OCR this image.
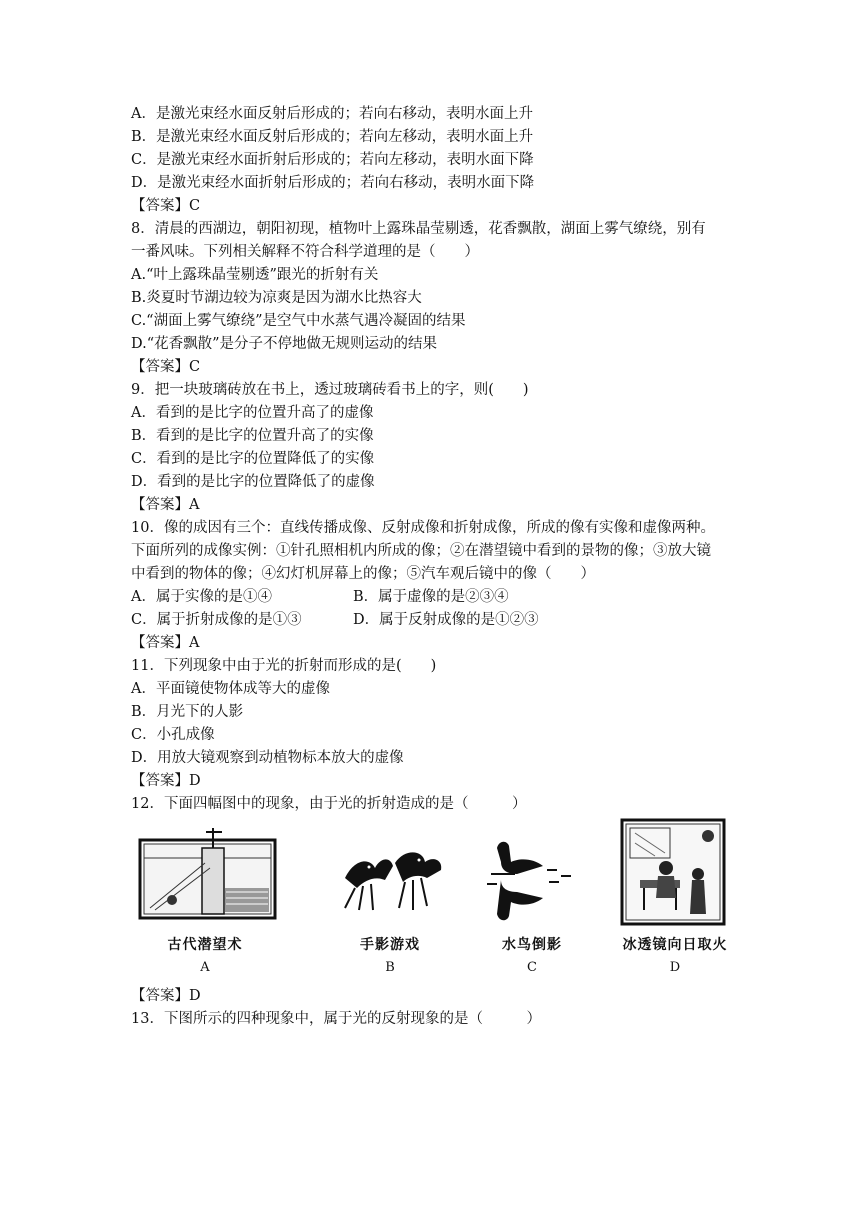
A．是激光束经水面反射后形成的；若向右移动，表明水面上升
B．是激光束经水面反射后形成的；若向左移动，表明水面上升
C．是激光束经水面折射后形成的；若向左移动，表明水面下降
D．是激光束经水面折射后形成的；若向右移动，表明水面下降
【答案】C
8．清晨的西湖边，朝阳初现，植物叶上露珠晶莹剔透，花香飘散，湖面上雾气缭绕，别有
一番风味。下列相关解释不符合科学道理的是（　　）
A.“叶上露珠晶莹剔透”跟光的折射有关
B.炎夏时节湖边较为凉爽是因为湖水比热容大
C.“湖面上雾气缭绕”是空气中水蒸气遇冷凝固的结果
D.“花香飘散”是分子不停地做无规则运动的结果
【答案】C
9．把一块玻璃砖放在书上，透过玻璃砖看书上的字，则(　　)
A．看到的是比字的位置升高了的虚像
B．看到的是比字的位置升高了的实像
C．看到的是比字的位置降低了的实像
D．看到的是比字的位置降低了的虚像
【答案】A
10．像的成因有三个：直线传播成像、反射成像和折射成像，所成的像有实像和虚像两种。
下面所列的成像实例：①针孔照相机内所成的像；②在潜望镜中看到的景物的像；③放大镜
中看到的物体的像；④幻灯机屏幕上的像；⑤汽车观后镜中的像（　　）
A．属于实像的是①④	B．属于虚像的是②③④
C．属于折射成像的是①③	D．属于反射成像的是①②③
【答案】A
11．下列现象中由于光的折射而形成的是(　　)
A．平面镜使物体成等大的虚像
B．月光下的人影
C．小孔成像
D．用放大镜观察到动植物标本放大的虚像
【答案】D
12．下面四幅图中的现象，由于光的折射造成的是（　　　）
古代潜望术
A
手影游戏
B
水鸟倒影
C
冰透镜向日取火
D
【答案】D
13．下图所示的四种现象中，属于光的反射现象的是（　　　）
